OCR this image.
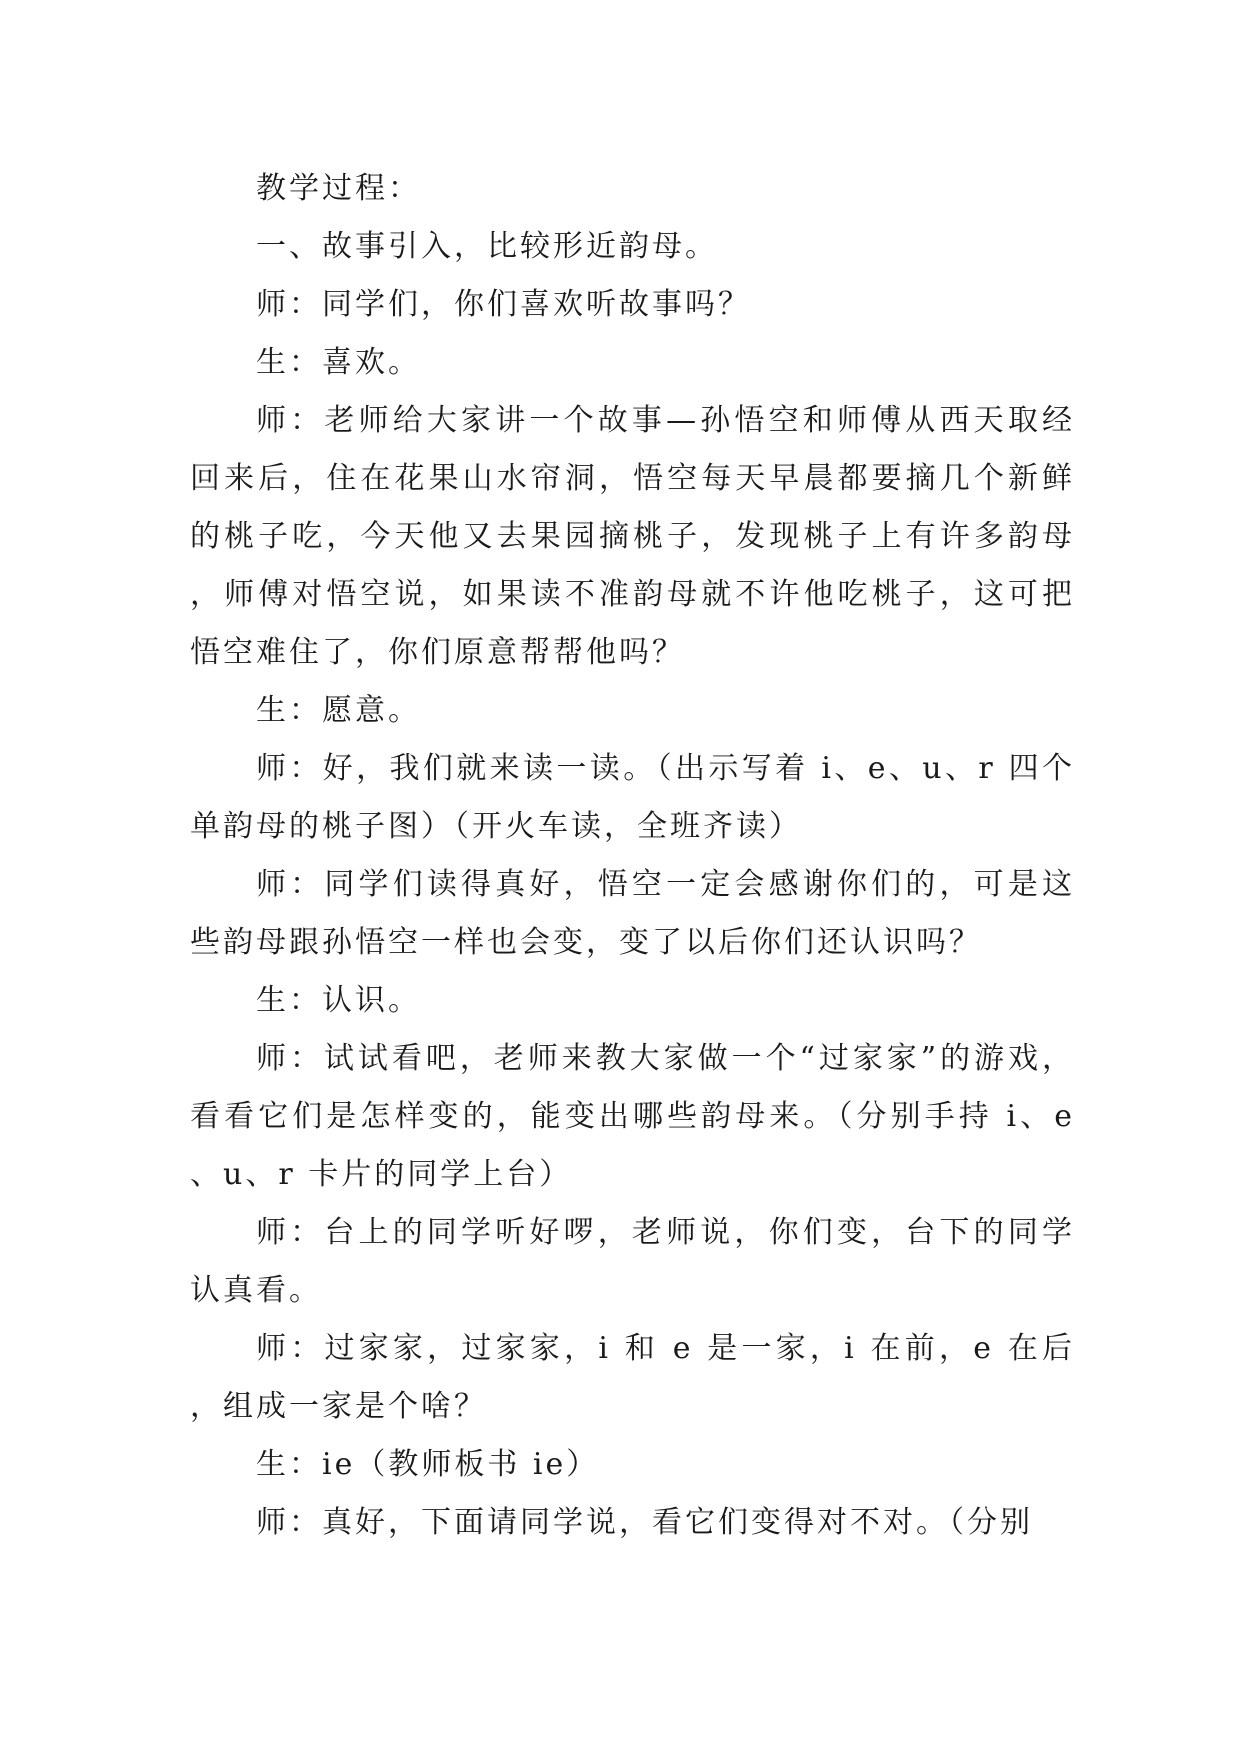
教学过程：

一、故事引入，比较形近韵母。

师：同学们，你们喜欢听故事吗？

生：喜欢。

师：老师给大家讲一个故事—孙悟空和师傅从西天取经回来后，住在花果山水帘洞，悟空每天早晨都要摘几个新鲜的桃子吃，今天他又去果园摘桃子，发现桃子上有许多韵母，师傅对悟空说，如果读不准韵母就不许他吃桃子，这可把悟空难住了，你们原意帮帮他吗？

生：愿意。

师：好，我们就来读一读。（出示写着 i、e、u、r 四个单韵母的桃子图）（开火车读，全班齐读）

师：同学们读得真好，悟空一定会感谢你们的，可是这些韵母跟孙悟空一样也会变，变了以后你们还认识吗？

生：认识。

师：试试看吧，老师来教大家做一个“过家家”的游戏，看看它们是怎样变的，能变出哪些韵母来。（分别手持 i、e、u、r 卡片的同学上台）

师：台上的同学听好啰，老师说，你们变，台下的同学认真看。

师：过家家，过家家，i 和 e 是一家，i 在前，e 在后，组成一家是个啥？

生：ie（教师板书 ie）

师：真好，下面请同学说，看它们变得对不对。（分别
